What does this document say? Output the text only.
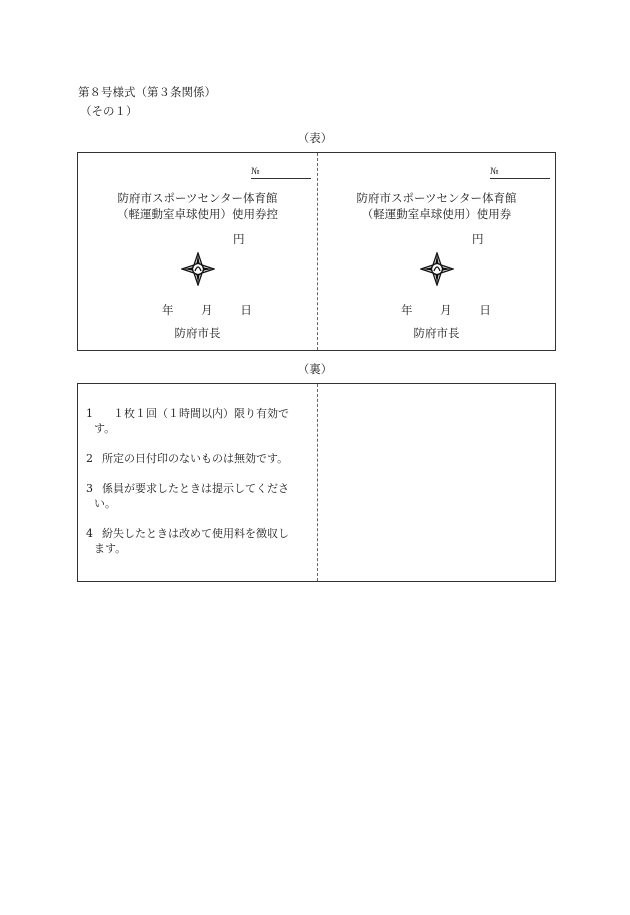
第８号様式（第３条関係）
（その１）
（表）
№
防府市スポーツセンター体育館
（軽運動室卓球使用）使用券控
円
年 月 日
防府市長
№
防府市スポーツセンター体育館
（軽運動室卓球使用）使用券
円
年 月 日
防府市長
（裏）
1　１枚１回（１時間以内）限り有効で
す。
2 所定の日付印のないものは無効です。
3 係員が要求したときは提示してくださ
い。
4 紛失したときは改めて使用料を徴収し
ます。
